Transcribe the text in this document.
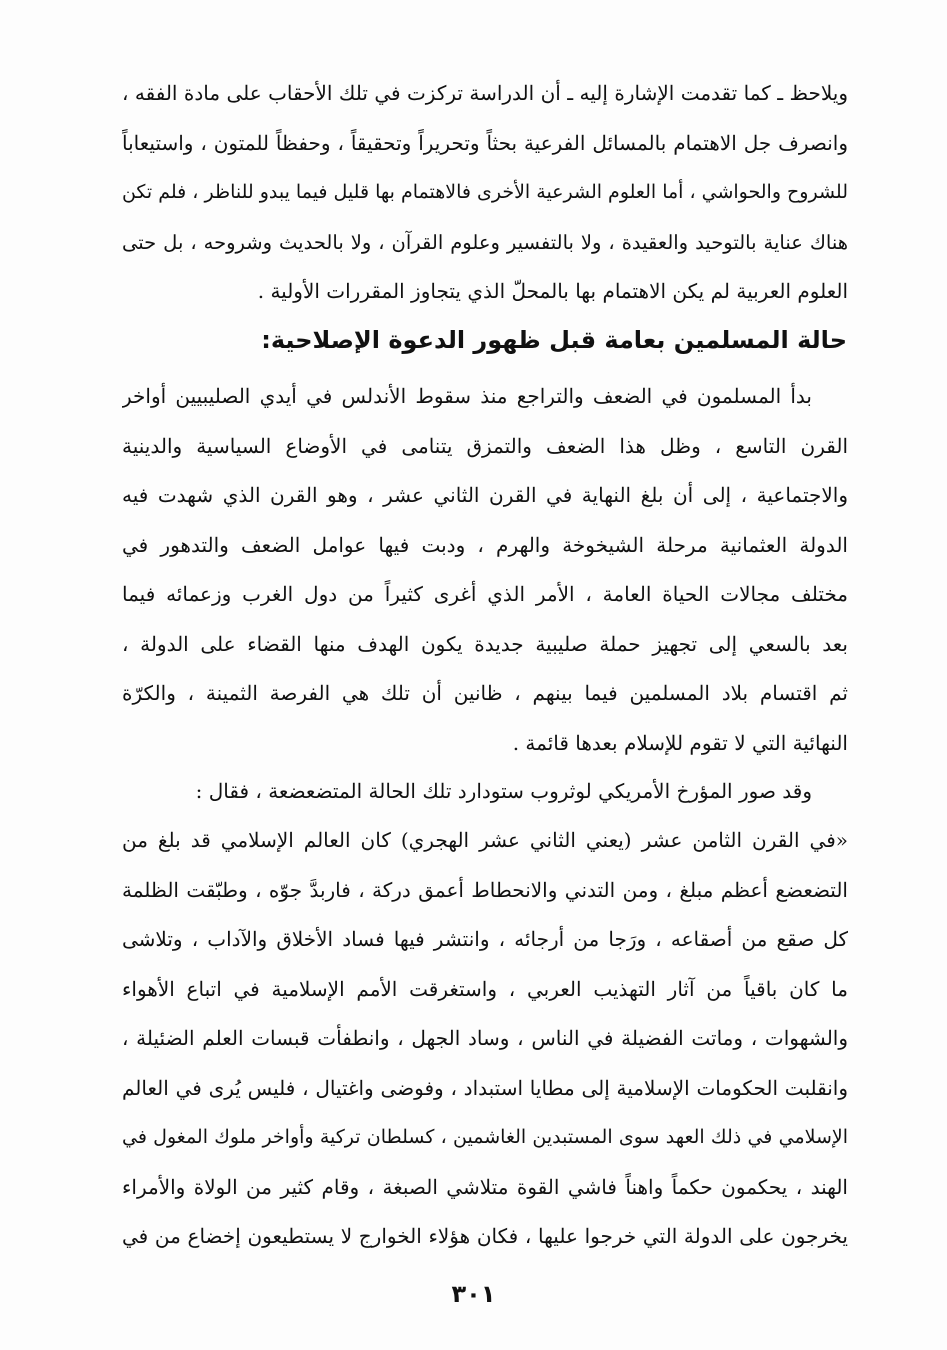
ويلاحظ ـ كما تقدمت الإشارة إليه ـ أن الدراسة تركزت في تلك الأحقاب على مادة الفقه ،
وانصرف جل الاهتمام بالمسائل الفرعية بحثاً وتحريراً وتحقيقاً ، وحفظاً للمتون ، واستيعاباً
للشروح والحواشي ، أما العلوم الشرعية الأخرى فالاهتمام بها قليل فيما يبدو للناظر ، فلم تكن
هناك عناية بالتوحيد والعقيدة ، ولا بالتفسير وعلوم القرآن ، ولا بالحديث وشروحه ، بل حتى
العلوم العربية لم يكن الاهتمام بها بالمحلّ الذي يتجاوز المقررات الأولية .
حالة المسلمين بعامة قبل ظهور الدعوة الإصلاحية:
بدأ المسلمون في الضعف والتراجع منذ سقوط الأندلس في أيدي الصليبيين أواخر
القرن التاسع ، وظل هذا الضعف والتمزق يتنامى في الأوضاع السياسية والدينية
والاجتماعية ، إلى أن بلغ النهاية في القرن الثاني عشر ، وهو القرن الذي شهدت فيه
الدولة العثمانية مرحلة الشيخوخة والهرم ، ودبت فيها عوامل الضعف والتدهور في
مختلف مجالات الحياة العامة ، الأمر الذي أغرى كثيراً من دول الغرب وزعمائه فيما
بعد بالسعي إلى تجهيز حملة صليبية جديدة يكون الهدف منها القضاء على الدولة ،
ثم اقتسام بلاد المسلمين فيما بينهم ، ظانين أن تلك هي الفرصة الثمينة ، والكرّة
النهائية التي لا تقوم للإسلام بعدها قائمة .
وقد صور المؤرخ الأمريكي لوثروب ستودارد تلك الحالة المتضعضعة ، فقال :
«في القرن الثامن عشر (يعني الثاني عشر الهجري) كان العالم الإسلامي قد بلغ من
التضعضع أعظم مبلغ ، ومن التدني والانحطاط أعمق دركة ، فاربدَّ جوّه ، وطبّقت الظلمة
كل صقع من أصقاعه ، ورَجا من أرجائه ، وانتشر فيها فساد الأخلاق والآداب ، وتلاشى
ما كان باقياً من آثار التهذيب العربي ، واستغرقت الأمم الإسلامية في اتباع الأهواء
والشهوات ، وماتت الفضيلة في الناس ، وساد الجهل ، وانطفأت قبسات العلم الضئيلة ،
وانقلبت الحكومات الإسلامية إلى مطايا استبداد ، وفوضى واغتيال ، فليس يُرى في العالم
الإسلامي في ذلك العهد سوى المستبدين الغاشمين ، كسلطان تركية وأواخر ملوك المغول في
الهند ، يحكمون حكماً واهناً فاشي القوة متلاشي الصبغة ، وقام كثير من الولاة والأمراء
يخرجون على الدولة التي خرجوا عليها ، فكان هؤلاء الخوارج لا يستطيعون إخضاع من في
٣٠١
